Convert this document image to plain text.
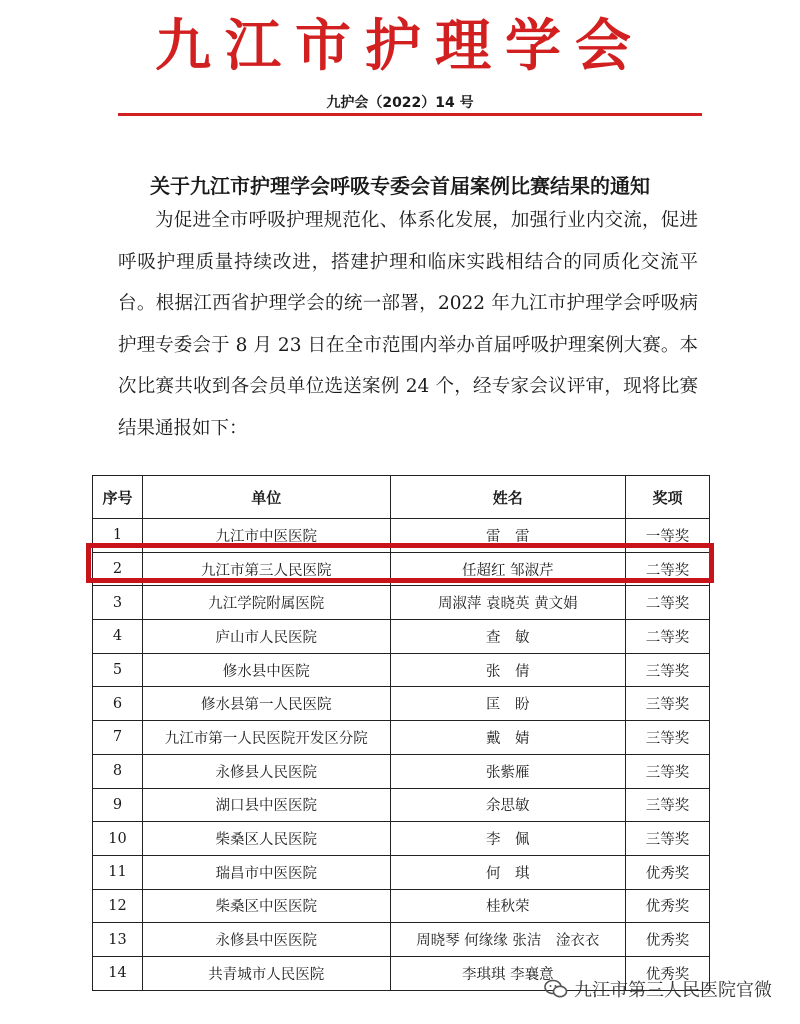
九江市护理学会
九护会（2022）14 号
关于九江市护理学会呼吸专委会首届案例比赛结果的通知
为促进全市呼吸护理规范化、体系化发展，加强行业内交流，促进呼吸护理质量持续改进，搭建护理和临床实践相结合的同质化交流平台。根据江西省护理学会的统一部署，2022 年九江市护理学会呼吸病护理专委会于 8 月 23 日在全市范围内举办首届呼吸护理案例大赛。本次比赛共收到各会员单位选送案例 24 个，经专家会议评审，现将比赛结果通报如下：
序号	单位	姓名	奖项
1	九江市中医医院	雷　雷	一等奖
2	九江市第三人民医院	任超红 邹淑芹	二等奖
3	九江学院附属医院	周淑萍 袁晓英 黄文娟	二等奖
4	庐山市人民医院	查　敏	二等奖
5	修水县中医院	张　倩	三等奖
6	修水县第一人民医院	匡　盼	三等奖
7	九江市第一人民医院开发区分院	戴　婧	三等奖
8	永修县人民医院	张紫雁	三等奖
9	湖口县中医医院	余思敏	三等奖
10	柴桑区人民医院	李　佩	三等奖
11	瑞昌市中医医院	何　琪	优秀奖
12	柴桑区中医医院	桂秋荣	优秀奖
13	永修县中医医院	周晓琴 何缘缘 张洁　淦衣衣	优秀奖
14	共青城市人民医院	李琪琪 李襄意	优秀奖
九江市第三人民医院官微
